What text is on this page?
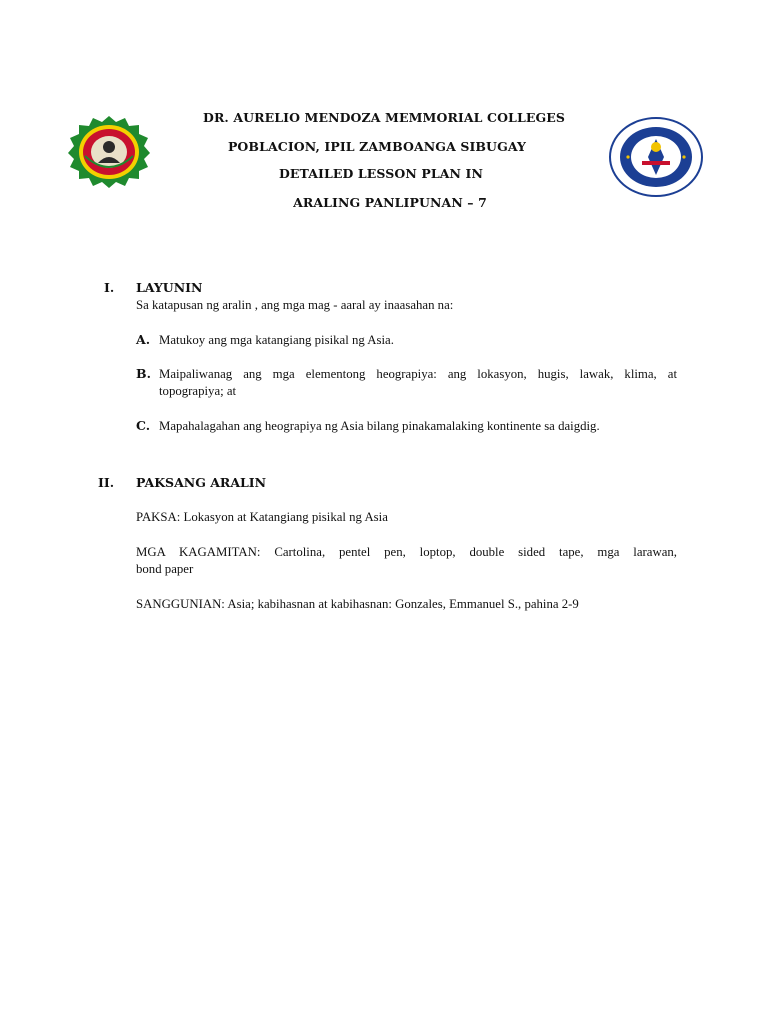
DR. AURELIO MENDOZA MEMMORIAL COLLEGES
POBLACION, IPIL ZAMBOANGA SIBUGAY
DETAILED LESSON PLAN IN
ARALING PANLIPUNAN – 7
I. LAYUNIN
Sa katapusan ng aralin , ang mga mag - aaral ay inaasahan na:
A. Matukoy ang mga katangiang pisikal ng Asia.
B. Maipaliwanag ang mga elementong heograpiya: ang lokasyon, hugis, lawak, klima, at
topograpiya; at
C. Mapahalagahan ang heograpiya ng Asia bilang pinakamalaking kontinente sa daigdig.
II. PAKSANG ARALIN
PAKSA: Lokasyon at Katangiang pisikal ng Asia
MGA KAGAMITAN: Cartolina, pentel pen, loptop, double sided tape, mga larawan,
bond paper
SANGGUNIAN: Asia; kabihasnan at kabihasnan: Gonzales, Emmanuel S., pahina 2-9
